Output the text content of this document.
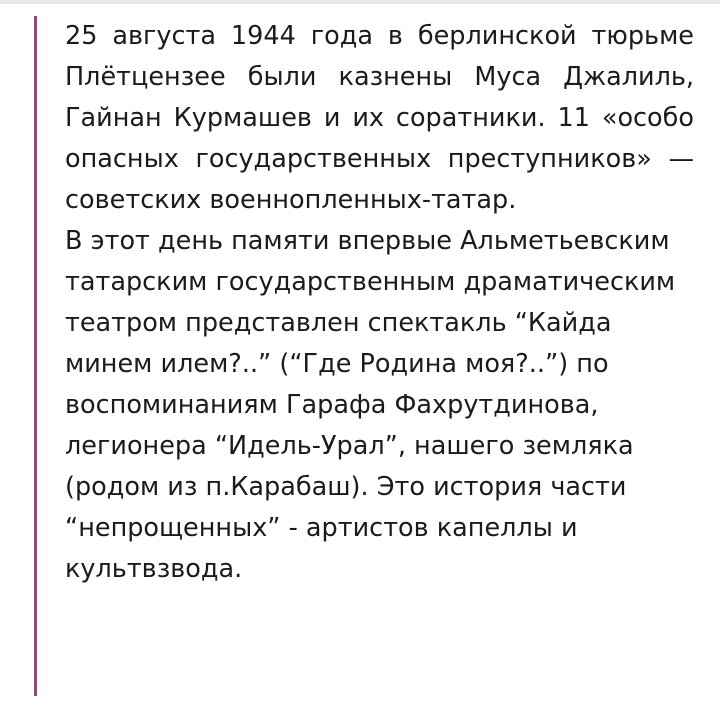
25 августа 1944 года в берлинской тюрьме Плётцензее были казнены Муса Джалиль, Гайнан Курмашев и их соратники. 11 «особо опасных государственных преступников» — советских военнопленных-татар.

В этот день памяти впервые Альметьевским татарским государственным драматическим театром представлен спектакль “Кайда минем илем?..” (“Где Родина моя?..”) по воспоминаниям Гарафа Фахрутдинова, легионера “Идель-Урал”, нашего земляка (родом из п.Карабаш). Это история части “непрощенных” - артистов капеллы и культвзвода.
